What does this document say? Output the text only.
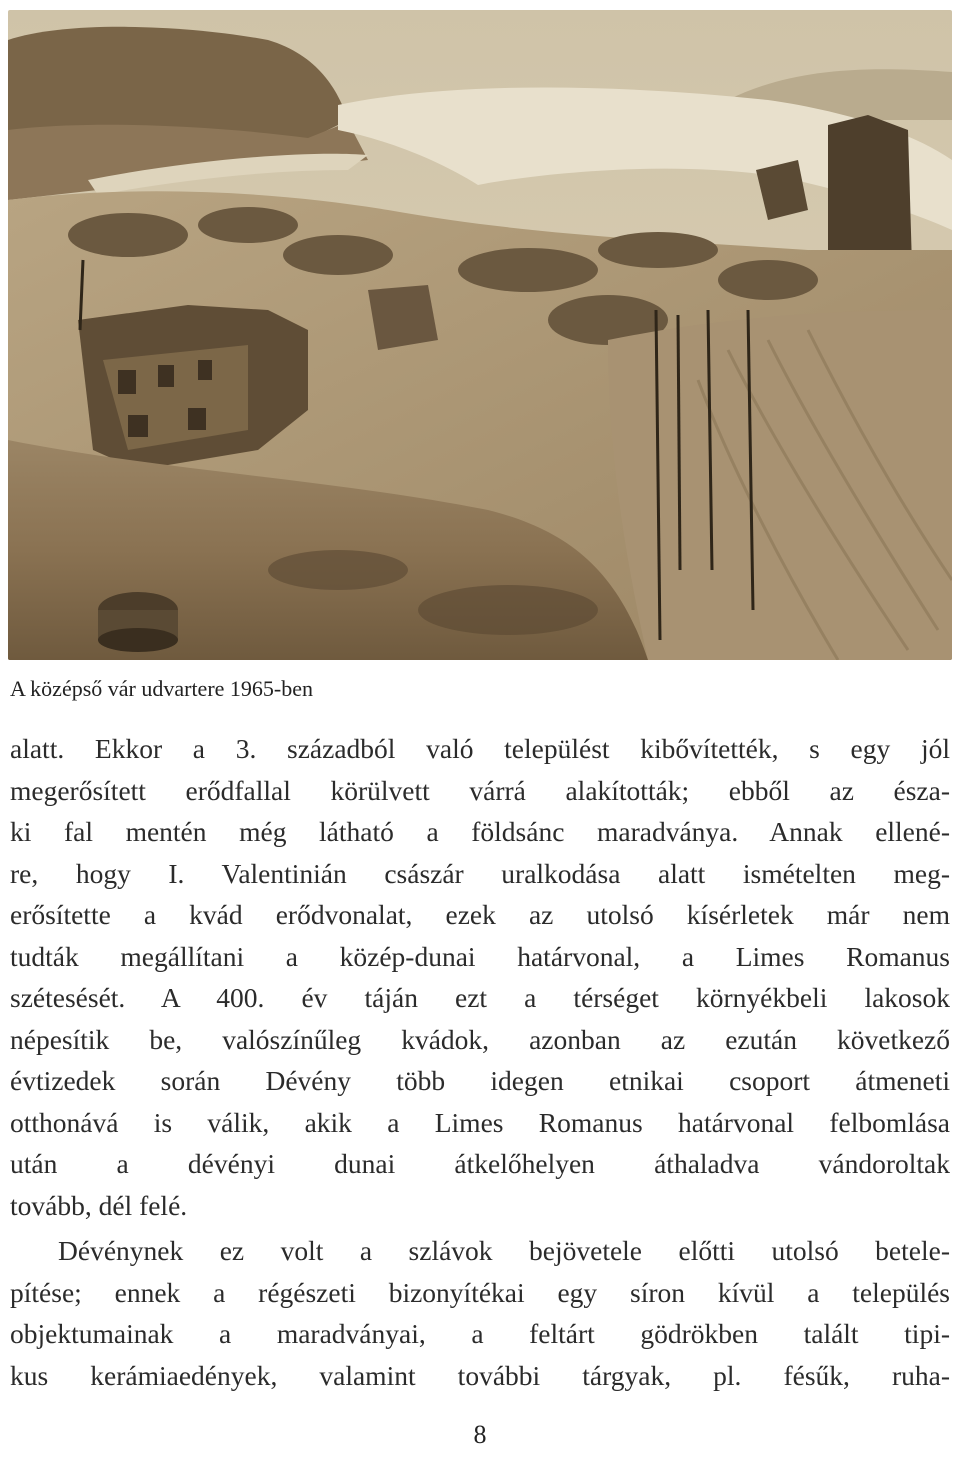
A középső vár udvartere 1965-ben
alatt. Ekkor a 3. századból való települést kibővítették, s egy jól
megerősített erődfallal körülvett várrá alakították; ebből az észa-
ki fal mentén még látható a földsánc maradványa. Annak ellené-
re, hogy I. Valentinián császár uralkodása alatt ismételten meg-
erősítette a kvád erődvonalat, ezek az utolsó kísérletek már nem
tudták megállítani a közép-dunai határvonal, a Limes Romanus
szétesését. A 400. év táján ezt a térséget környékbeli lakosok
népesítik be, valószínűleg kvádok, azonban az ezután következő
évtizedek során Dévény több idegen etnikai csoport átmeneti
otthonává is válik, akik a Limes Romanus határvonal felbomlása
után a dévényi dunai átkelőhelyen áthaladva vándoroltak
tovább, dél felé.
Dévénynek ez volt a szlávok bejövetele előtti utolsó betele-
pítése; ennek a régészeti bizonyítékai egy síron kívül a település
objektumainak a maradványai, a feltárt gödrökben talált tipi-
kus kerámiaedények, valamint további tárgyak, pl. fésűk, ruha-
8
